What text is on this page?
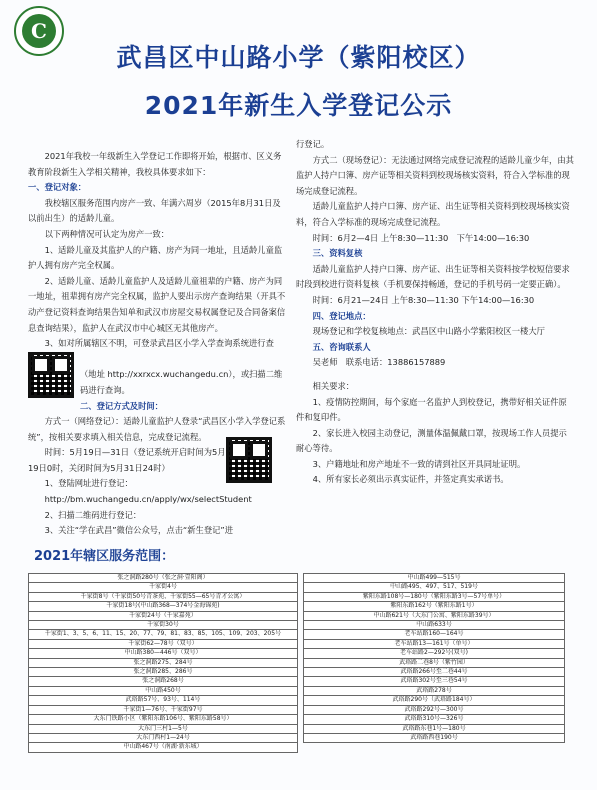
C
武昌区中山路小学（紫阳校区）
2021年新生入学登记公示

2021年我校一年级新生入学登记工作即将开始，根据市、区义务教育阶段新生入学相关精神，我校具体要求如下：

一、登记对象：

我校辖区服务范围内房产一致、年满六周岁（2015年8月31日及以前出生）的适龄儿童。

以下两种情况可认定为房产一致：

1、适龄儿童及其监护人的户籍、房产为同一地址，且适龄儿童监护人拥有房产完全权属。

2、适龄儿童、适龄儿童监护人及适龄儿童祖辈的户籍、房产为同一地址，祖辈拥有房产完全权属，监护人要出示房产查询结果（开具不动产登记资料查询结果告知单和武汉市房屋交易权属登记及合同备案信息查询结果），监护人在武汉市中心城区无其他房产。

3、如对所属辖区不明，可登录武昌区小学入学查询系统进行查

（地址 http://xxrxcx.wuchangedu.cn），或扫描二维码进行查询。

二、登记方式及时间：

方式一（网络登记）：适龄儿童监护人登录“武昌区小学入学登记系统”，按相关要求填入相关信息，完成登记流程。

时间：5月19日—31日（登记系统开启时间为5月19日0时，关闭时间为5月31日24时）

1、登陆网址进行登记：

http://bm.wuchangedu.cn/apply/wx/selectStudent

2、扫描二维码进行登记：

3、关注“学在武昌”微信公众号，点击“新生登记”进

行登记。

方式二（现场登记）：无法通过网络完成登记流程的适龄儿童少年，由其监护人持户口簿、房产证等相关资料到校现场核实资料，符合入学标准的现场完成登记流程。

适龄儿童监护人持户口簿、房产证、出生证等相关资料到校现场核实资料，符合入学标准的现场完成登记流程。

时间：6月2—4日 上午8:30—11:30　下午14:00—16:30

三、资料复核

适龄儿童监护人持户口簿、房产证、出生证等相关资料按学校短信要求时段到校进行资料复核（手机要保持畅通，登记的手机号码一定要正确）。

时间：6月21—24日 上午8:30—11:30 下午14:00—16:30

四、登记地点：

现场登记和学校复核地点：武昌区中山路小学紫阳校区一楼大厅

五、咨询联系人

吴老师　联系电话：13886157889

相关要求：

1、疫情防控期间，每个家庭一名监护人到校登记，携带好相关证件原件和复印件。

2、家长进入校园主动登记，测量体温佩戴口罩，按现场工作人员提示耐心等待。

3、户籍地址和房产地址不一致的请到社区开具同址证明。

4、所有家长必须出示真实证件，并签定真实承诺书。

2021年辖区服务范围：
张之洞路280号（张之洞·壹阳阁）
千家街4号
千家街8号（千家街50号青茶苑、千家街55—65号青才公寓）
千家街18号(中山路368—374号金海锦苑)
千家街24号（千家嘉苑）
千家街30号
千家街1、3、5、6、11、15、20、77、79、81、83、85、105、109、203、205号
千家街62—78号（双号）
中山路380—446号（双号）
张之洞路275、284号
张之洞路285、286号
张之洞路268号
中山路450号
武珞路57号、93号、114号
千家街1—76号、千家街97号
大东门铁路小区（紫阳东路106号、紫阳东路58号）
大东门三村1—5号
大东门西村1—24号
中山路467号（南湖·新东城）
中山路499—515号
中山路495、497、517、519号
紫阳东路108号—180号（紫阳东路3号—57号单号）
紫阳东路162号（紫阳东路1号）
中山路621号（大东门公寓、紫阳东路39号）
中山路633号
老车站路160—164号
老车站路13—161号（单号）
老车站路2—292号(双号)
武珞路二巷8号（紫竹园）
武珞路266号至二巷44号
武珞路302号至三巷54号
武珞路278号
武珞路290号（武珞路184号）
武珞路292号—300号
武珞路310号—326号
武珞路东巷1号—180号
武珞路西巷190号
